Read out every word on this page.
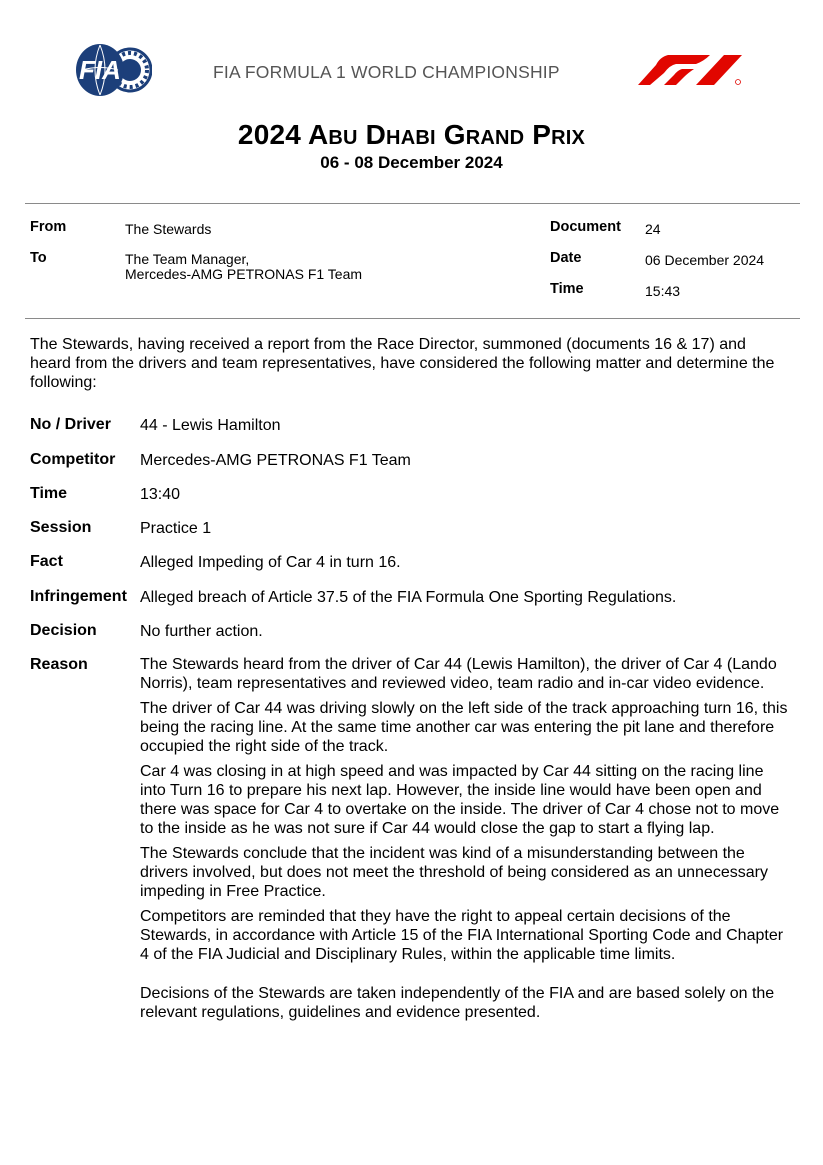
FIA	FIA FORMULA 1 WORLD CHAMPIONSHIP
2024 Abu Dhabi Grand Prix
06 - 08 December 2024
From	The Stewards
To	The Team Manager,
Mercedes-AMG PETRONAS F1 Team
Document 24
Date	06 December 2024
Time	15:43
The Stewards, having received a report from the Race Director, summoned (documents 16 & 17) and heard from the drivers and team representatives, have considered the following matter and determine the following:
No / Driver 44 - Lewis Hamilton
Competitor Mercedes-AMG PETRONAS F1 Team
Time	13:40
Session	Practice 1
Fact	Alleged Impeding of Car 4 in turn 16.
Infringement Alleged breach of Article 37.5 of the FIA Formula One Sporting Regulations.
Decision	No further action.
Reason	The Stewards heard from the driver of Car 44 (Lewis Hamilton), the driver of Car 4 (Lando Norris), team representatives and reviewed video, team radio and in-car video evidence.

The driver of Car 44 was driving slowly on the left side of the track approaching turn 16, this being the racing line. At the same time another car was entering the pit lane and therefore occupied the right side of the track.

Car 4 was closing in at high speed and was impacted by Car 44 sitting on the racing line into Turn 16 to prepare his next lap. However, the inside line would have been open and there was space for Car 4 to overtake on the inside. The driver of Car 4 chose not to move to the inside as he was not sure if Car 44 would close the gap to start a flying lap.

The Stewards conclude that the incident was kind of a misunderstanding between the drivers involved, but does not meet the threshold of being considered as an unnecessary impeding in Free Practice.

Competitors are reminded that they have the right to appeal certain decisions of the Stewards, in accordance with Article 15 of the FIA International Sporting Code and Chapter 4 of the FIA Judicial and Disciplinary Rules, within the applicable time limits.

Decisions of the Stewards are taken independently of the FIA and are based solely on the relevant regulations, guidelines and evidence presented.
